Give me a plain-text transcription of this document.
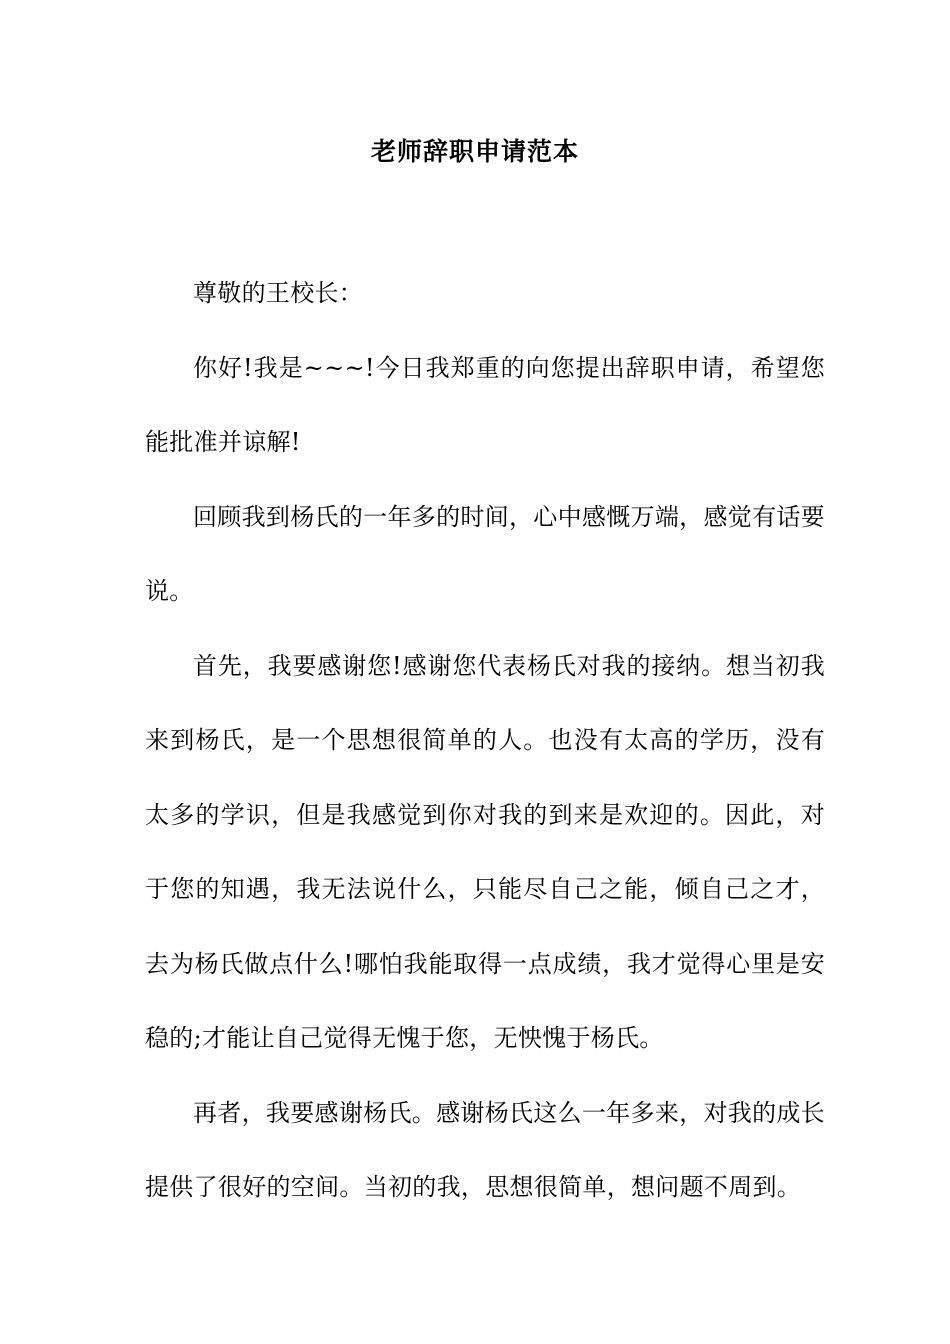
老师辞职申请范本

尊敬的王校长：

你好!我是~~~!今日我郑重的向您提出辞职申请，希望您能批准并谅解!

回顾我到杨氏的一年多的时间，心中感慨万端，感觉有话要说。

首先，我要感谢您!感谢您代表杨氏对我的接纳。想当初我来到杨氏，是一个思想很简单的人。也没有太高的学历，没有太多的学识，但是我感觉到你对我的到来是欢迎的。因此，对于您的知遇，我无法说什么，只能尽自己之能，倾自己之才，去为杨氏做点什么!哪怕我能取得一点成绩，我才觉得心里是安稳的;才能让自己觉得无愧于您，无怏愧于杨氏。

再者，我要感谢杨氏。感谢杨氏这么一年多来，对我的成长提供了很好的空间。当初的我，思想很简单，想问题不周到。
